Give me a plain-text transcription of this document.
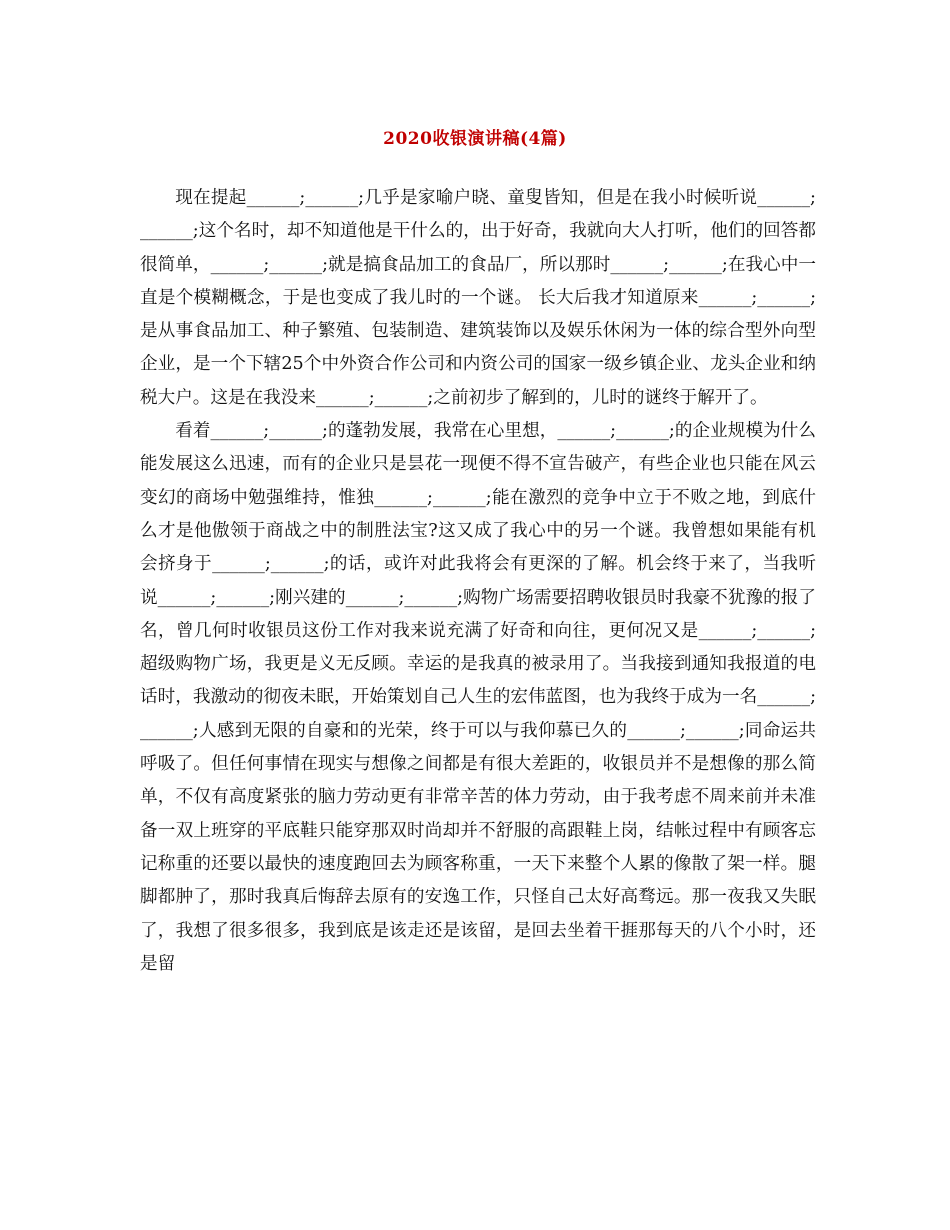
2020收银演讲稿(4篇)

现在提起______;______;几乎是家喻户晓、童叟皆知，但是在我小时候听说______;______;这个名时，却不知道他是干什么的，出于好奇，我就向大人打听，他们的回答都很简单，______;______;就是搞食品加工的食品厂，所以那时______;______;在我心中一直是个模糊概念，于是也变成了我儿时的一个谜。 长大后我才知道原来______;______;是从事食品加工、种子繁殖、包装制造、建筑装饰以及娱乐休闲为一体的综合型外向型企业，是一个下辖25个中外资合作公司和内资公司的国家一级乡镇企业、龙头企业和纳税大户。这是在我没来______;______;之前初步了解到的，儿时的谜终于解开了。

看着______;______;的蓬勃发展，我常在心里想，______;______;的企业规模为什么能发展这么迅速，而有的企业只是昙花一现便不得不宣告破产，有些企业也只能在风云变幻的商场中勉强维持，惟独______;______;能在激烈的竞争中立于不败之地，到底什么才是他傲领于商战之中的制胜法宝?这又成了我心中的另一个谜。我曾想如果能有机会挤身于______;______;的话，或许对此我将会有更深的了解。机会终于来了，当我听说______;______;刚兴建的______;______;购物广场需要招聘收银员时我豪不犹豫的报了名，曾几何时收银员这份工作对我来说充满了好奇和向往，更何况又是______;______;超级购物广场，我更是义无反顾。幸运的是我真的被录用了。当我接到通知我报道的电话时，我激动的彻夜未眠，开始策划自己人生的宏伟蓝图，也为我终于成为一名______;______;人感到无限的自豪和的光荣，终于可以与我仰慕已久的______;______;同命运共呼吸了。但任何事情在现实与想像之间都是有很大差距的，收银员并不是想像的那么简单，不仅有高度紧张的脑力劳动更有非常辛苦的体力劳动，由于我考虑不周来前并未准备一双上班穿的平底鞋只能穿那双时尚却并不舒服的高跟鞋上岗，结帐过程中有顾客忘记称重的还要以最快的速度跑回去为顾客称重，一天下来整个人累的像散了架一样。腿脚都肿了，那时我真后悔辞去原有的安逸工作，只怪自己太好高骛远。那一夜我又失眠了，我想了很多很多，我到底是该走还是该留，是回去坐着干捱那每天的八个小时，还是留
